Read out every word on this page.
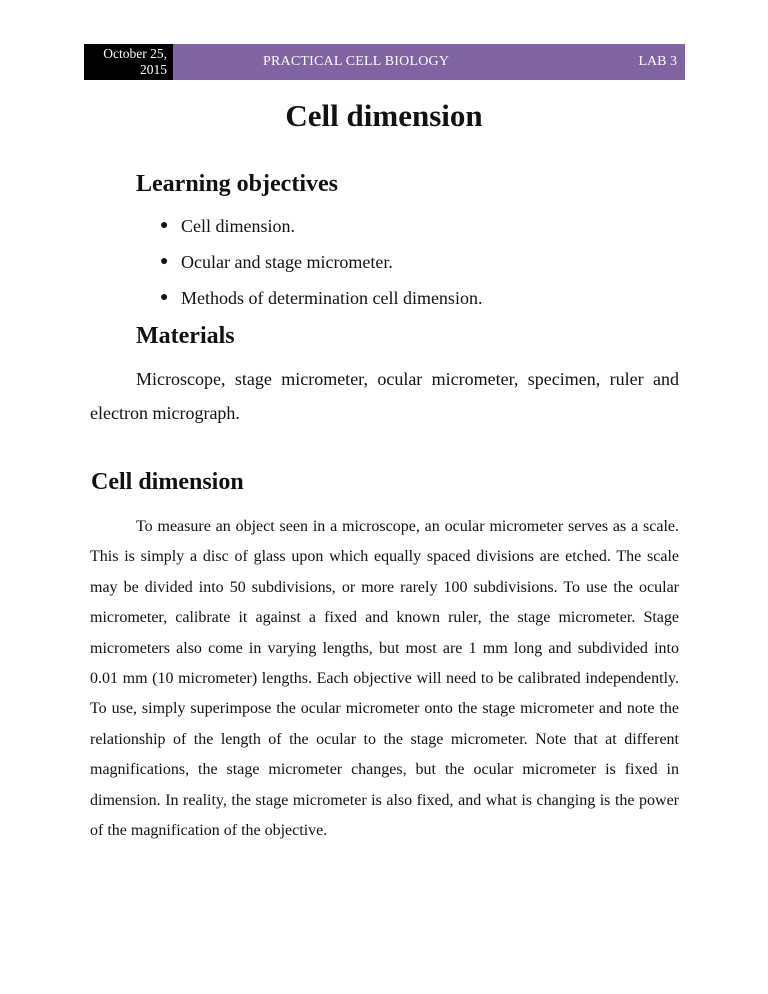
October 25,
2015
PRACTICAL CELL BIOLOGY	LAB 3
Cell dimension
Learning objectives
● Cell dimension.
● Ocular and stage micrometer.
● Methods of determination cell dimension.
Materials

Microscope, stage micrometer, ocular micrometer, specimen, ruler and electron micrograph.

Cell dimension

To measure an object seen in a microscope, an ocular micrometer serves as a scale. This is simply a disc of glass upon which equally spaced divisions are etched. The scale may be divided into 50 subdivisions, or more rarely 100 subdivisions. To use the ocular micrometer, calibrate it against a fixed and known ruler, the stage micrometer. Stage micrometers also come in varying lengths, but most are 1 mm long and subdivided into 0.01 mm (10 micrometer) lengths. Each objective will need to be calibrated independently. To use, simply superimpose the ocular micrometer onto the stage micrometer and note the relationship of the length of the ocular to the stage micrometer. Note that at different magnifications, the stage micrometer changes, but the ocular micrometer is fixed in dimension. In reality, the stage micrometer is also fixed, and what is changing is the power of the magnification of the objective.
